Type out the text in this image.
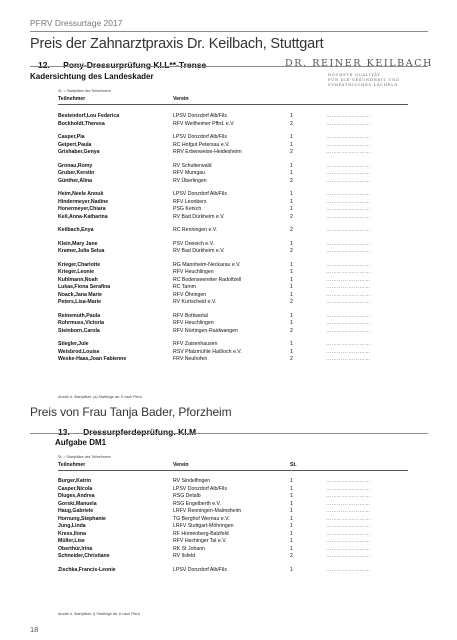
PFRV Dressurtage 2017
Preis der Zahnarztpraxis Dr. Keilbach, Stuttgart
12. Pony-Dressurprüfung Kl.L**-Trense
Kadersichtung des Landeskader
DR. REINER KEILBACH
HÖCHSTE QUALITÄT
FÜR DIE GESUNDHEIT UND
SYMPATHISCHES LÄCHELN
St. = Startplätze des Teilnehmers
Teilnehmer	Verein
Bestendorf,Lou Federica	LPSV Donzdorf Alb/Fils	1	……………………
Bockholdt,Theresa	RFV Weilheimer Pffrd. e.V.	2	……………………
Casper,Pia	LPSV Donzdorf Alb/Fils	1	……………………
Geipert,Paula	RC Hofgut Petersau e.V.	1	……………………
Grishaber,Genya	RRV Erbenweise-Heidesheim	2	……………………
Gronau,Romy	RV Schutterwald	1	……………………
Gruber,Kerstin	RFV Mumgau	1	……………………
Günther,Alina	RV Überlingen	2	……………………
Heim,Neele Anouk	LPSV Donzdorf Alb/Fils	1	……………………
Hindermeyer,Nadine	RFV Leonbers	1	……………………
Honermeyer,Chiara	PSG Ketsch	1	……………………
Keil,Anna-Katharina	RV Bad Dürkheim e.V.	2	……………………
Keilbach,Enya	RC Renningen e.V.	2	……………………
Klein,Mary Jane	PSV Dreieich e.V.	1	……………………
Kramer,Julia Selua	RV Bad Dürkheim e.V.	2	……………………
Krieger,Charlotte	RG Mannheim-Neckarau e.V.	1	……………………
Krieger,Leonie	RFV Heuchlingen	1	……………………
Kuhlmann,Noah	RC Bodenseereiter Radolfzell	1	……………………
Lukas,Fiona Serafina	RC Tamm	1	……………………
Noack,Jana Marie	RFV Öhringen	1	……………………
Peters,Lisa-Marie	RV Kurtscheid e.V.	2	……………………
Reinemuth,Paula	RFV Bottwartal	1	……………………
Rohrmuss,Victoria	RFV Heuchlingen	1	……………………
Steinborn,Carola	RFV Nürtingen-Raidwangen	2	……………………
Stiegler,Jule	RFV Zaisenhausen	1	……………………
Weisbrod,Louise	RSV Pfalzmühle Haßloch e.V.	1	……………………
Weske-Haas,Joan Fabienne	FRV Neuhofen	2	……………………
Anzahl d. Startplätze: (a) Startfolge ab: K nach Pferd
Preis von Frau Tanja Bader, Pforzheim
13. Dressurpferdeprüfung. Kl.M
Aufgabe DM1
St. = Startplätze des Teilnehmers
Teilnehmer	Verein	St.
Burger,Katrin	RV Sindelfingen	1	……………………
Casper,Nicola	LPSV Donzdorf Alb/Fils	1	……………………
Dluges,Andrea	RSG Detalb	1	……………………
Gorski,Manuela	RSG Engelberth e.V.	1	……………………
Haug,Gabriele	LRFV Renningen-Malmsheim	1	……………………
Hornung,Stephanie	TG Berghof Wernau e.V.	1	……………………
Jung,Linda	LRFV Stuttgart-Möhringen	1	……………………
Kress,Ilona	RF Homenberg-Balzfeld	1	……………………
Müller,Lise	RFV Hechinger Tal e.V.	1	……………………
Oberthür,Irina	RK St Johann	1	……………………
Schneider,Christiane	RV Ilsfeld	2	……………………
Zischka,Francis-Leonie	LPSV Donzdorf Alb/Fils	1	……………………
Anzahl d. Startplätze: t) Startfolge ab: U nach Pferd
18
